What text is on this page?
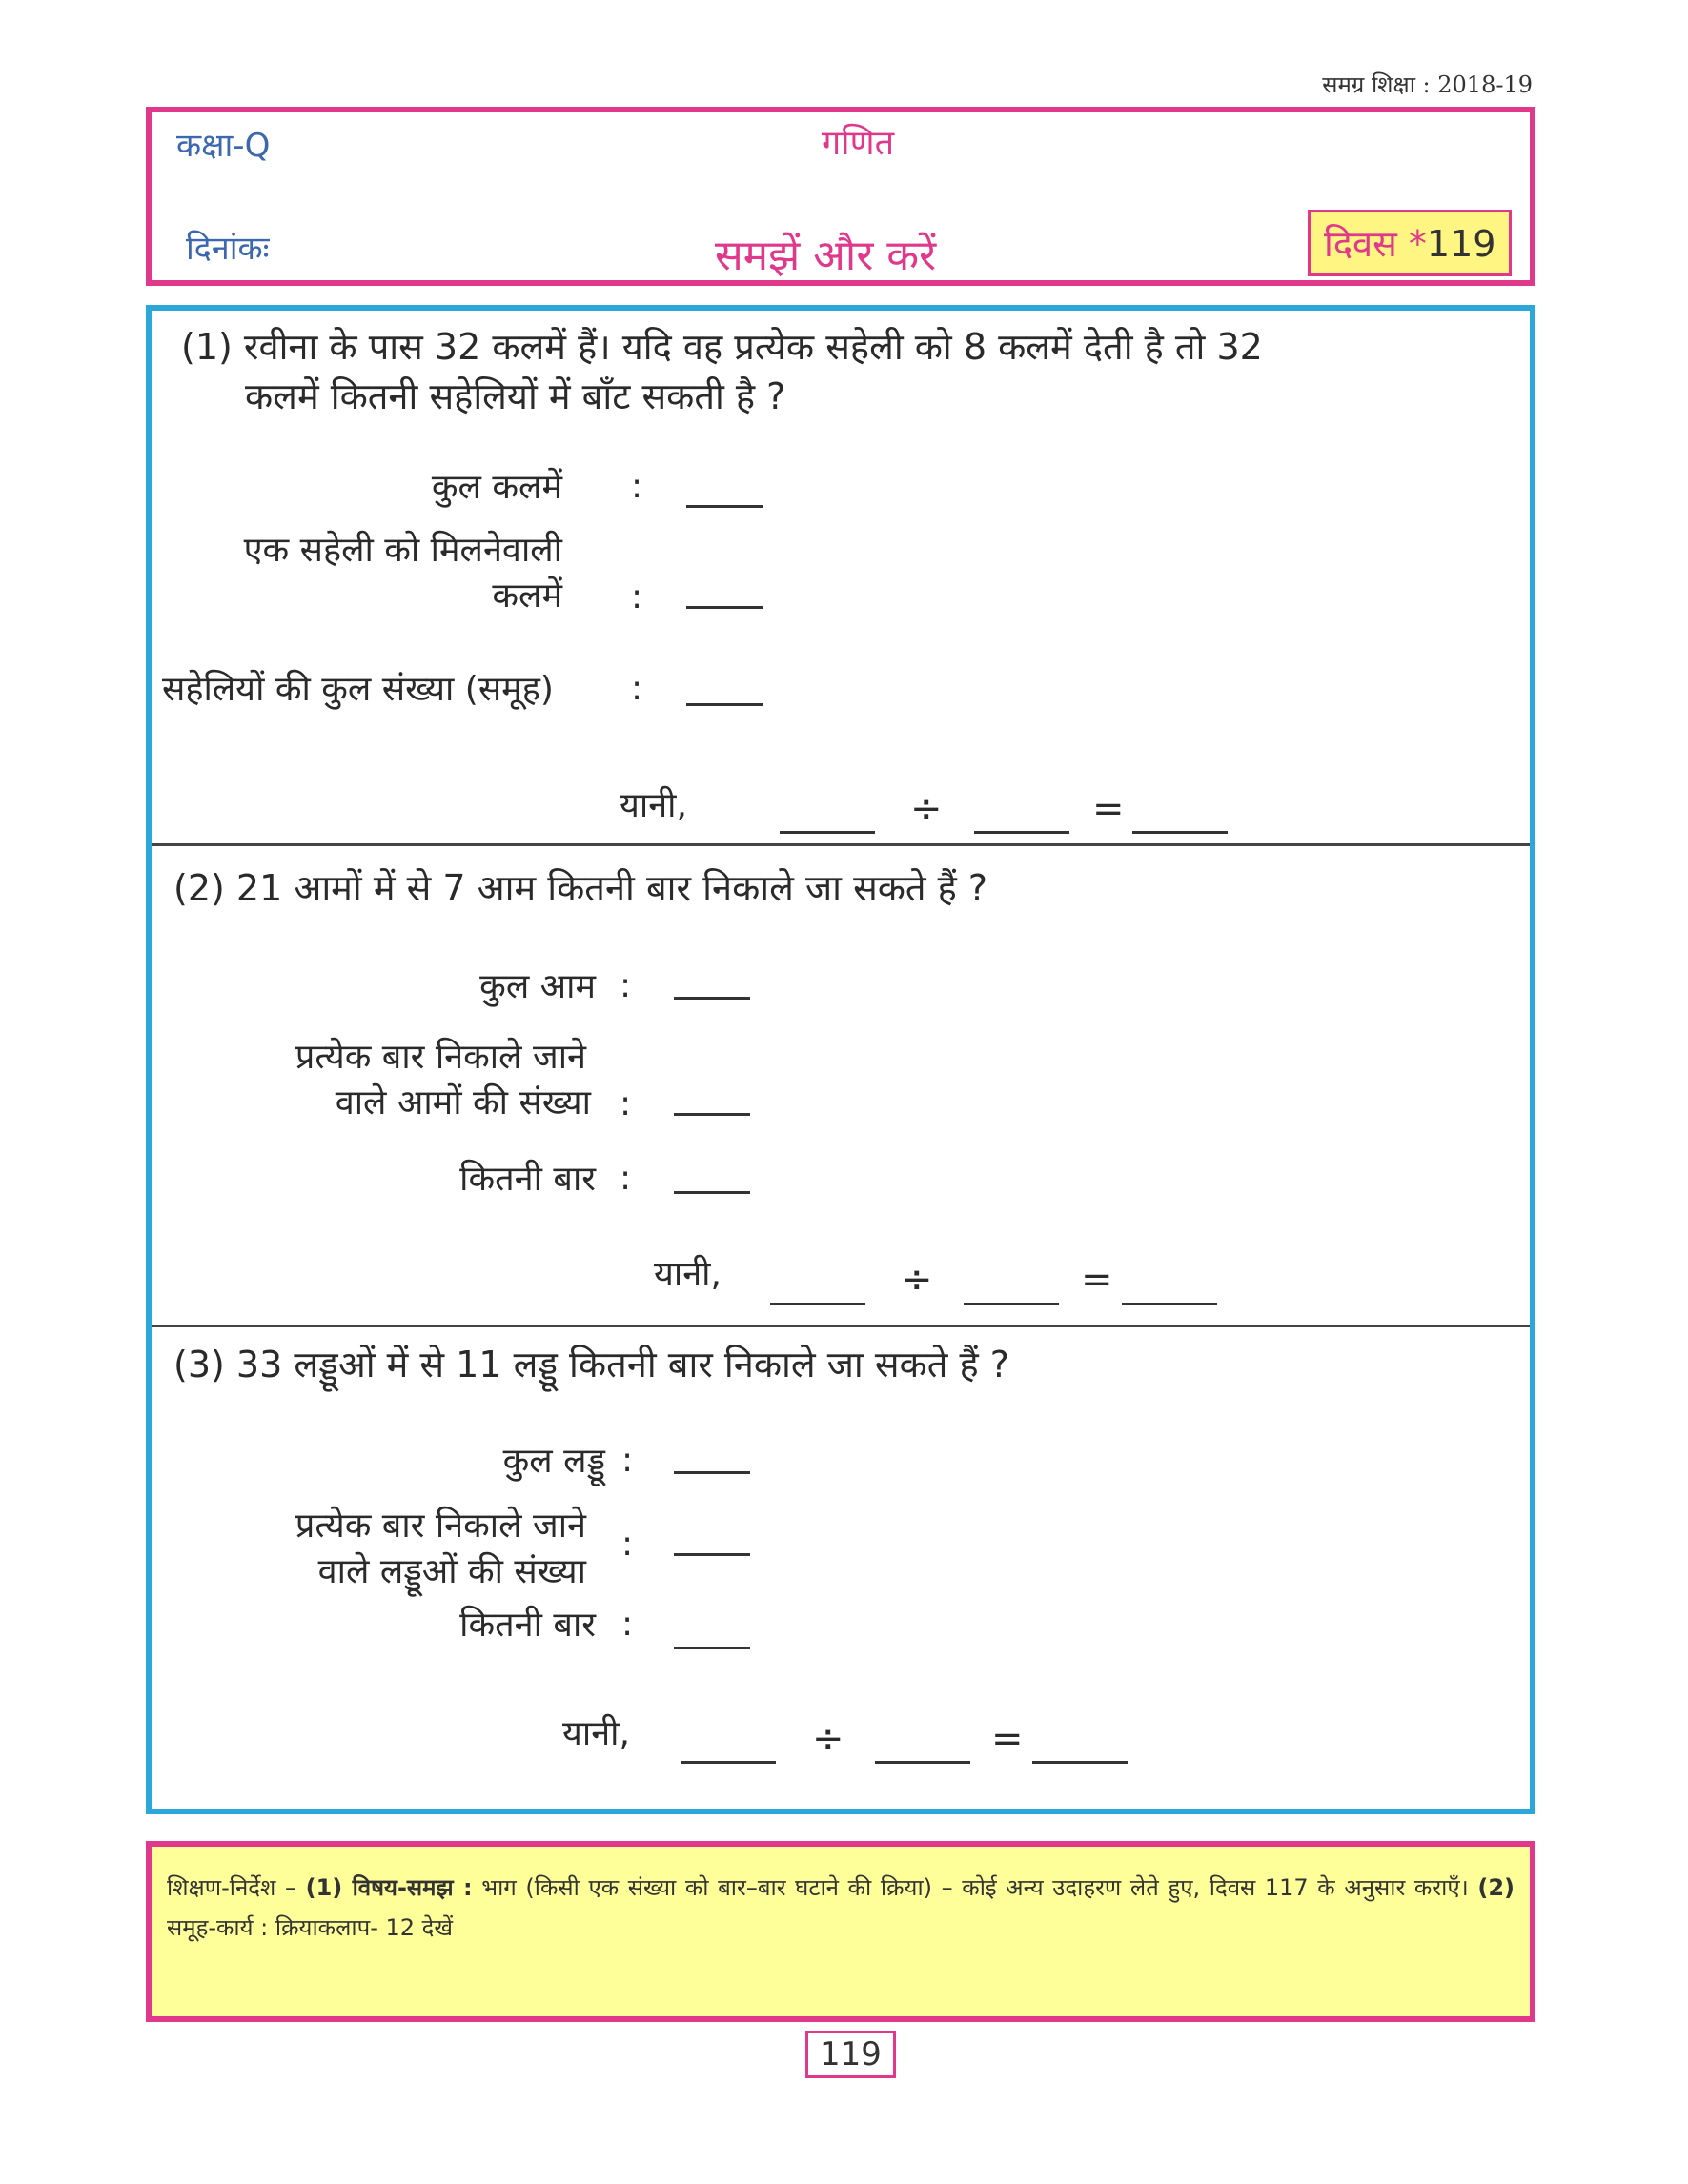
समग्र शिक्षा : 2018-19
कक्षा-Q	गणित
दिनांकः	समझें और करें	दिवस *119
(1) रवीना के पास 32 कलमें हैं। यदि वह प्रत्येक सहेली को 8 कलमें देती है तो 32
कलमें कितनी सहेलियों में बाँट सकती है ?
कुल कलमें :
एक सहेली को मिलनेवाली
कलमें :
सहेलियों की कुल संख्या (समूह)	:
यानी,	÷	=
(2) 21 आमों में से 7 आम कितनी बार निकाले जा सकते हैं ?
कुल आम :
प्रत्येक बार निकाले जाने
वाले आमों की संख्या :
कितनी बार :
यानी,	÷	=
(3) 33 लड्डूओं में से 11 लड्डू कितनी बार निकाले जा सकते हैं ?
कुल लड्डू :
प्रत्येक बार निकाले जाने
वाले लड्डूओं की संख्या
:
कितनी बार :
यानी,	÷	=
शिक्षण-निर्देश – (1) विषय-समझ : भाग (किसी एक संख्या को बार–बार घटाने की क्रिया) – कोई अन्य उदाहरण लेते हुए, दिवस 117 के अनुसार कराएँ। (2) समूह-कार्य : क्रियाकलाप- 12 देखें
119
